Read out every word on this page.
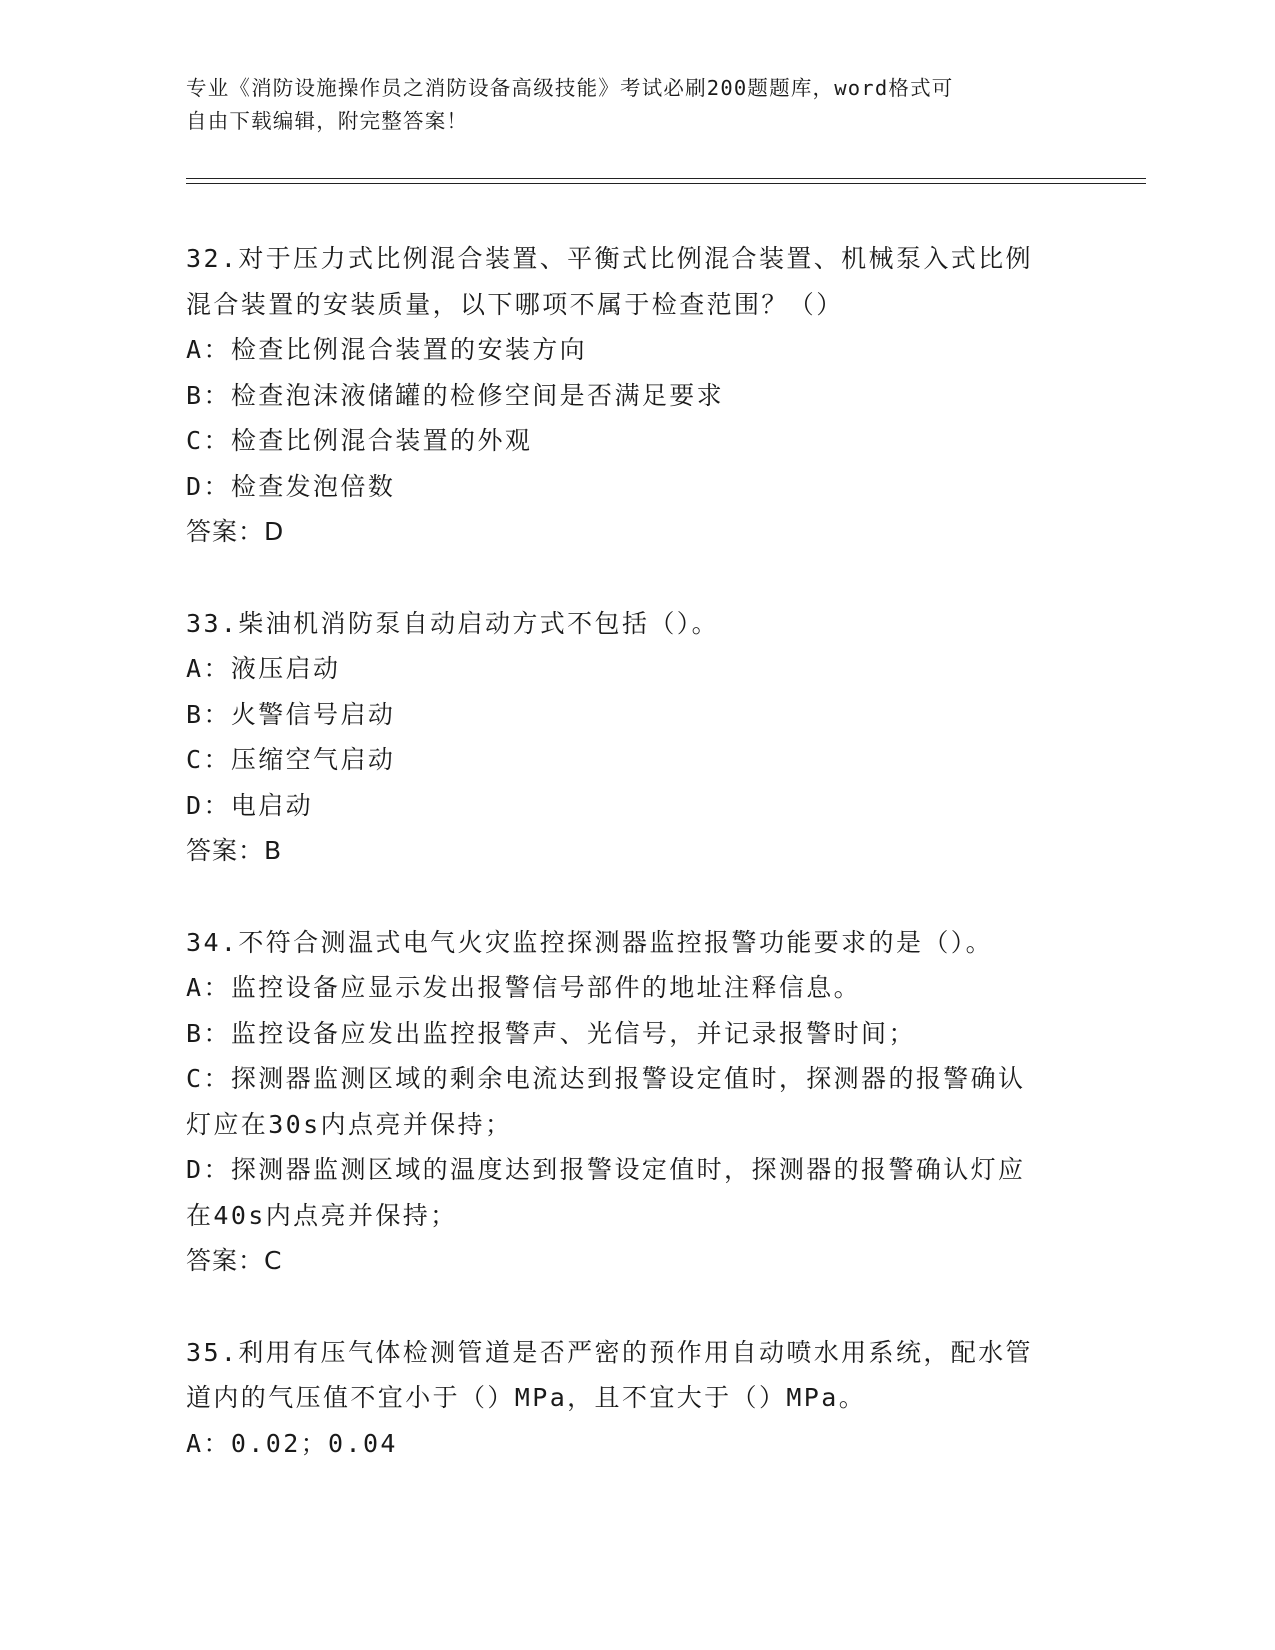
专业《消防设施操作员之消防设备高级技能》考试必刷200题题库，word格式可
自由下载编辑，附完整答案！
32.对于压力式比例混合装置、平衡式比例混合装置、机械泵入式比例
混合装置的安装质量，以下哪项不属于检查范围？（）
A：检查比例混合装置的安装方向
B：检查泡沫液储罐的检修空间是否满足要求
C：检查比例混合装置的外观
D：检查发泡倍数
答案：D
33.柴油机消防泵自动启动方式不包括（）。
A：液压启动
B：火警信号启动
C：压缩空气启动
D：电启动
答案：B
34.不符合测温式电气火灾监控探测器监控报警功能要求的是（）。
A：监控设备应显示发出报警信号部件的地址注释信息。
B：监控设备应发出监控报警声、光信号，并记录报警时间；
C：探测器监测区域的剩余电流达到报警设定值时，探测器的报警确认
灯应在30s内点亮并保持；
D：探测器监测区域的温度达到报警设定值时，探测器的报警确认灯应
在40s内点亮并保持；
答案：C
35.利用有压气体检测管道是否严密的预作用自动喷水用系统，配水管
道内的气压值不宜小于（）MPa，且不宜大于（）MPa。
A：0.02；0.04
